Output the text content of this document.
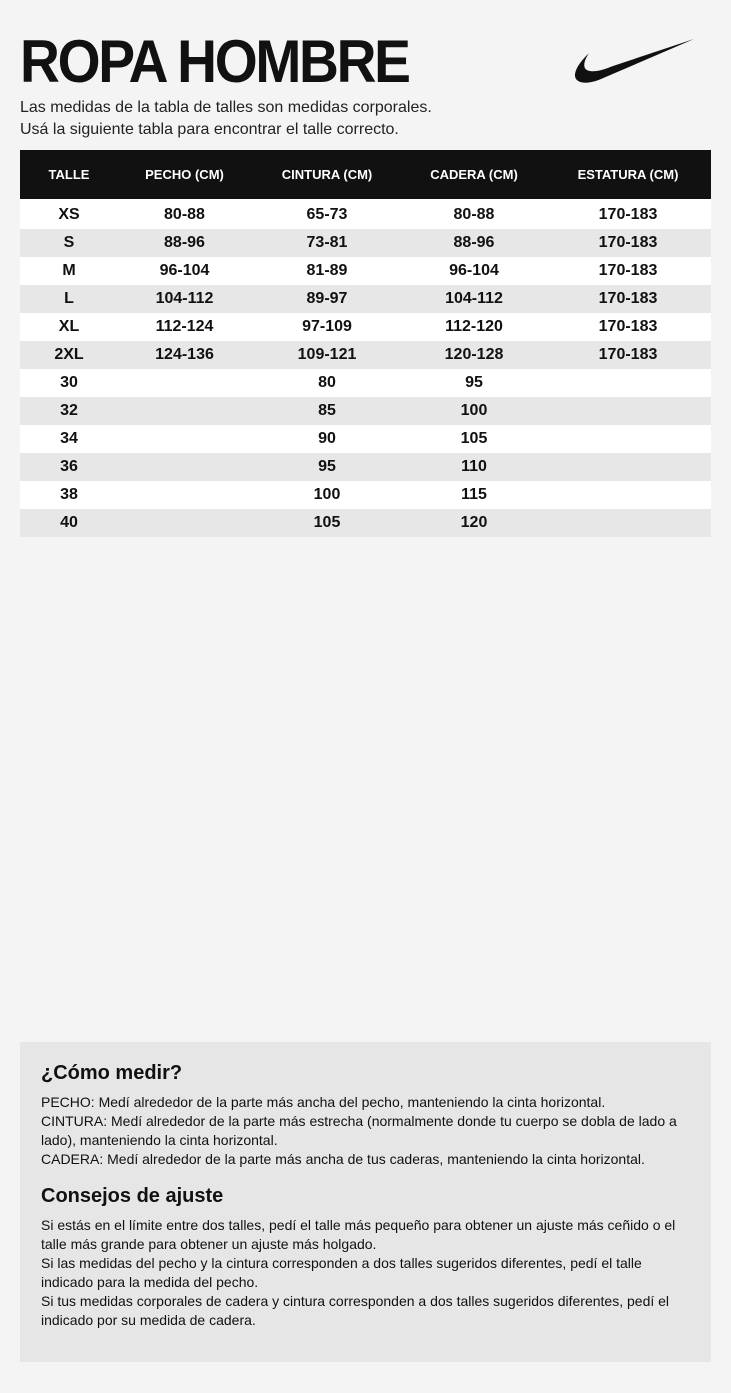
ROPA HOMBRE
Las medidas de la tabla de talles son medidas corporales.
Usá la siguiente tabla para encontrar el talle correcto.
TALLE	PECHO (CM)	CINTURA (CM)	CADERA (CM)	ESTATURA (CM)

XS	80-88	65-73	80-88	170-183
S	88-96	73-81	88-96	170-183
M	96-104	81-89	96-104	170-183
L	104-112	89-97	104-112	170-183
XL	112-124	97-109	112-120	170-183
2XL	124-136	109-121	120-128	170-183
30		80	95	
32		85	100	
34		90	105	
36		95	110	
38		100	115	
40		105	120	
¿Cómo medir?
PECHO: Medí alrededor de la parte más ancha del pecho, manteniendo la cinta horizontal.
CINTURA: Medí alrededor de la parte más estrecha (normalmente donde tu cuerpo se dobla de lado a lado), manteniendo la cinta horizontal.
CADERA: Medí alrededor de la parte más ancha de tus caderas, manteniendo la cinta horizontal.
Consejos de ajuste
Si estás en el límite entre dos talles, pedí el talle más pequeño para obtener un ajuste más ceñido o el talle más grande para obtener un ajuste más holgado.
Si las medidas del pecho y la cintura corresponden a dos talles sugeridos diferentes, pedí el talle indicado para la medida del pecho.
Si tus medidas corporales de cadera y cintura corresponden a dos talles sugeridos diferentes, pedí el indicado por su medida de cadera.
